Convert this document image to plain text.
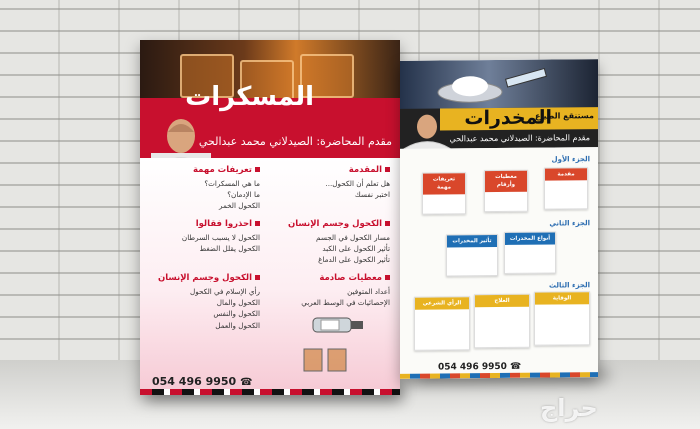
المسكرات
مقدم المحاضرة: الصيدلاني محمد عبدالحي
المقدمة
هل تعلم أن الكحول...
اختبر نفسك
تعريفات مهمة
ما هي المسكرات؟
ما الإدمان؟
الكحول الخمر
الكحول وجسم الإنسان
مسار الكحول في الجسم
تأثير الكحول على الكبد
تأثير الكحول على الدماغ
احذروا فقالوا
الكحول لا يسبب السرطان
الكحول يقلل الضغط
معطيات صادمة
أعداد المتوفين
الإحصائيات في الوسط العربي
الكحول وجسم الإنسان
رأي الإسلام في الكحول
الكحول والمال
الكحول والنفس
الكحول والعمل
054 496 9950 ☎
المخدرات
مستنقع الضياع
مقدم المحاضرة: الصيدلاني محمد عبدالحي
الجزء الأول
مقدمة
معطيات وأرقام
تعريفات مهمة
الجزء الثاني
أنواع المخدرات
تأثير المخدرات
الجزء الثالث
الوقاية
العلاج
الرأي الشرعي
054 496 9950 ☎
حراج
